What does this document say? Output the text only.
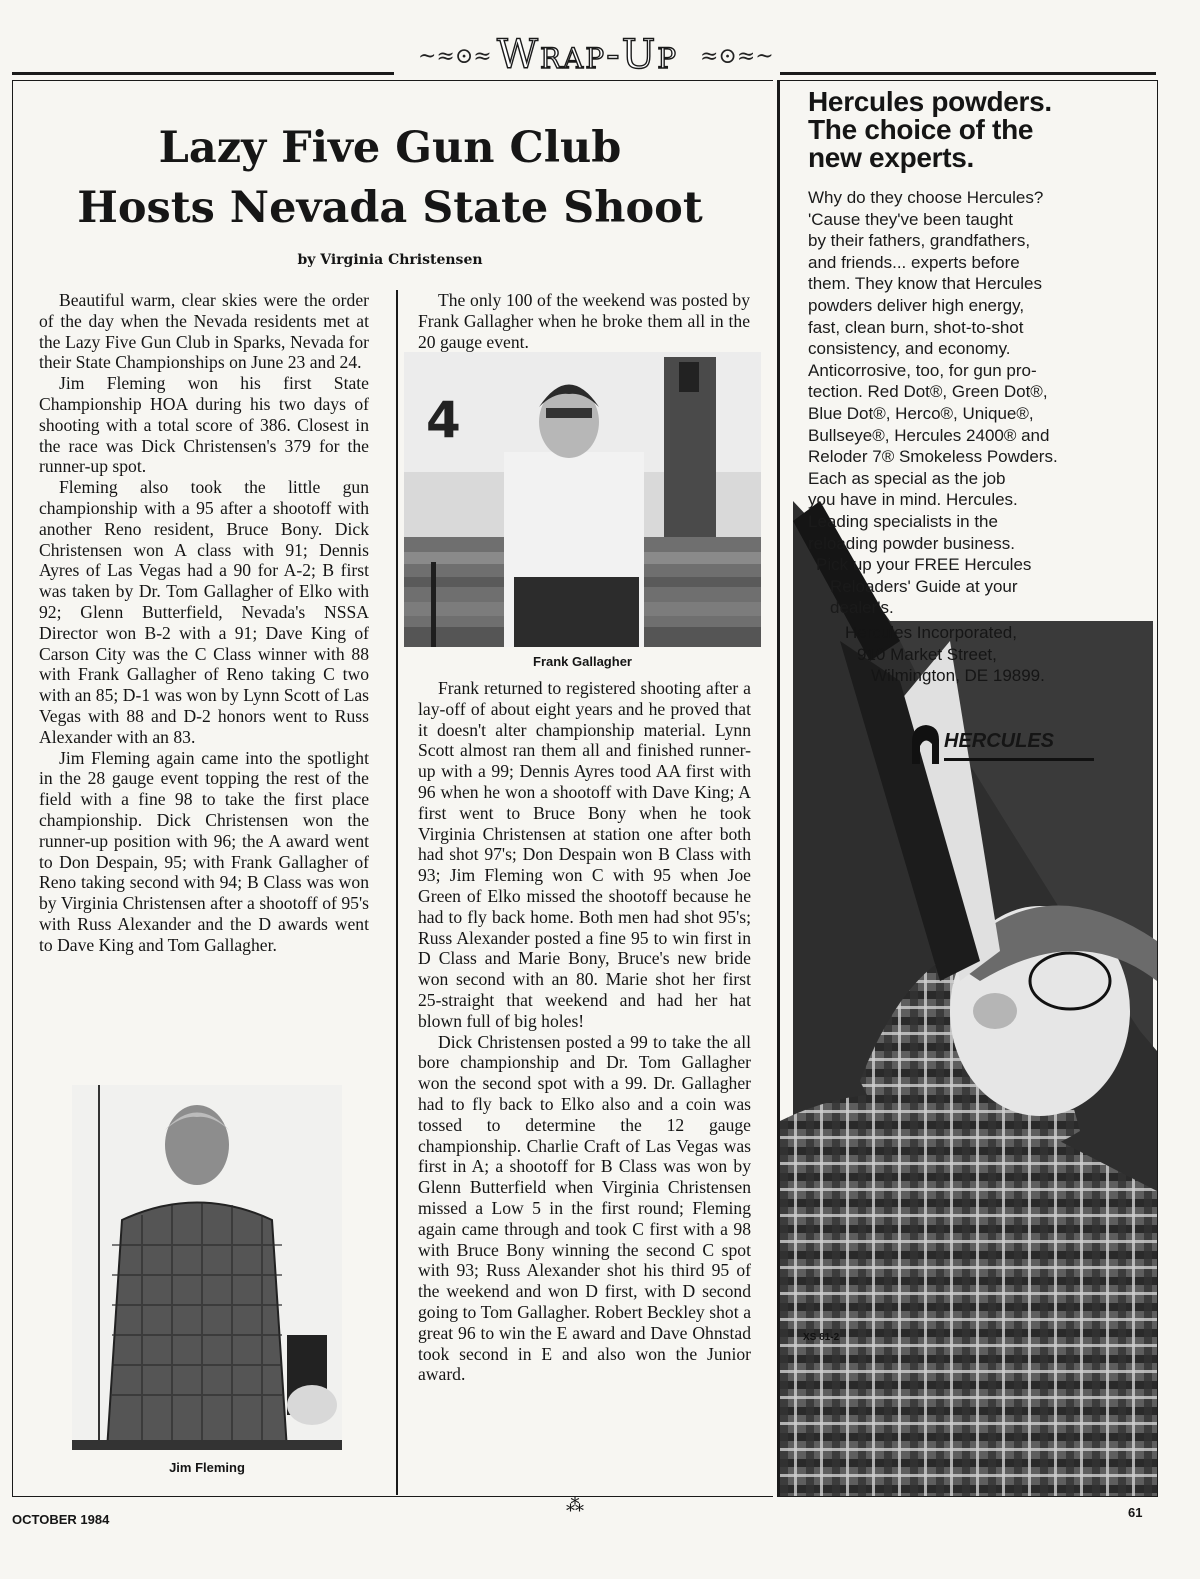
~≈⊙≈	≈⊙≈~
Wrap-Up
Lazy Five Gun Club
Hosts Nevada State Shoot
by Virginia Christensen

Beautiful warm, clear skies were the order of the day when the Nevada residents met at the Lazy Five Gun Club in Sparks, Nevada for their State Championships on June 23 and 24.

Jim Fleming won his first State Championship HOA during his two days of shooting with a total score of 386. Closest in the race was Dick Christensen's 379 for the runner-up spot.

Fleming also took the little gun championship with a 95 after a shootoff with another Reno resident, Bruce Bony. Dick Christensen won A class with 91; Dennis Ayres of Las Vegas had a 90 for A-2; B first was taken by Dr. Tom Gallagher of Elko with 92; Glenn Butterfield, Nevada's NSSA Director won B-2 with a 91; Dave King of Carson City was the C Class winner with 88 with Frank Gallagher of Reno taking C two with an 85; D-1 was won by Lynn Scott of Las Vegas with 88 and D-2 honors went to Russ Alexander with an 83.

Jim Fleming again came into the spotlight in the 28 gauge event topping the rest of the field with a fine 98 to take the first place championship. Dick Christensen won the runner-up position with 96; the A award went to Don Despain, 95; with Frank Gallagher of Reno taking second with 94; B Class was won by Virginia Christensen after a shootoff of 95's with Russ Alexander and the D awards went to Dave King and Tom Gallagher.

The only 100 of the weekend was posted by Frank Gallagher when he broke them all in the 20 gauge event.

4
Frank Gallagher

Frank returned to registered shooting after a lay-off of about eight years and he proved that it doesn't alter championship material. Lynn Scott almost ran them all and finished runner-up with a 99; Dennis Ayres tood AA first with 96 when he won a shootoff with Dave King; A first went to Bruce Bony when he took Virginia Christensen at station one after both had shot 97's; Don Despain won B Class with 93; Jim Fleming won C with 95 when Joe Green of Elko missed the shootoff because he had to fly back home. Both men had shot 95's; Russ Alexander posted a fine 95 to win first in D Class and Marie Bony, Bruce's new bride won second with an 80. Marie shot her first 25-straight that weekend and had her hat blown full of big holes!

Dick Christensen posted a 99 to take the all bore championship and Dr. Tom Gallagher won the second spot with a 99. Dr. Gallagher had to fly back to Elko also and a coin was tossed to determine the 12 gauge championship. Charlie Craft of Las Vegas was first in A; a shootoff for B Class was won by Glenn Butterfield when Virginia Christensen missed a Low 5 in the first round; Fleming again came through and took C first with a 98 with Bruce Bony winning the second C spot with 93; Russ Alexander shot his third 95 of the weekend and won D first, with D second going to Tom Gallagher. Robert Beckley shot a great 96 to win the E award and Dave Ohnstad took second in E and also won the Junior award.

Jim Fleming
Hercules powders.
The choice of the
new experts.
Why do they choose Hercules?
'Cause they've been taught
by their fathers, grandfathers,
and friends... experts before
them. They know that Hercules
powders deliver high energy,
fast, clean burn, shot-to-shot
consistency, and economy.
Anticorrosive, too, for gun pro-
tection. Red Dot®, Green Dot®,
Blue Dot®, Herco®, Unique®,
Bullseye®, Hercules 2400® and
Reloder 7® Smokeless Powders.
Each as special as the job
you have in mind. Hercules.
Leading specialists in the
reloading powder business.
Pick up your FREE Hercules
Reloaders' Guide at your
dealer's.
Hercules Incorporated,
910 Market Street,
Wilmington, DE 19899.
HERCULES
XS 81-2
OCTOBER 1984
⁂	61
